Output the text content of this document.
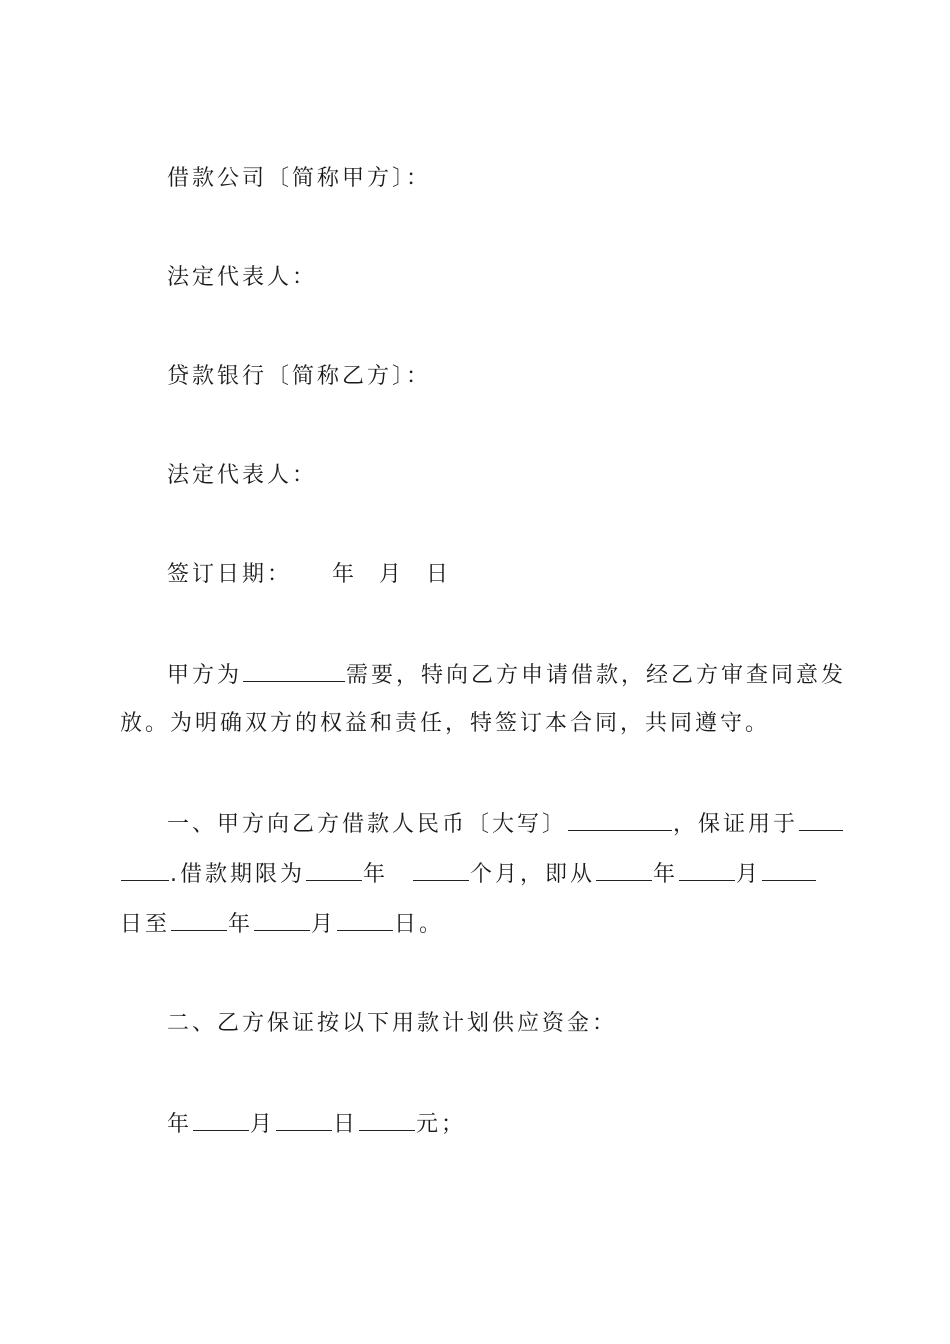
借款公司〔简称甲方〕：
法定代表人：
贷款银行〔简称乙方〕：
法定代表人：
签订日期： 年 月 日
甲方为	需要，特向乙方申请借款，经乙方审查同意发
放。为明确双方的权益和责任，特签订本合同，共同遵守。
一、甲方向乙方借款人民币〔大写〕	，保证用于
.借款期限为	年	个月，即从	年	月
日至	年	月	日。
二、乙方保证按以下用款计划供应资金：
年	月	日	元；
